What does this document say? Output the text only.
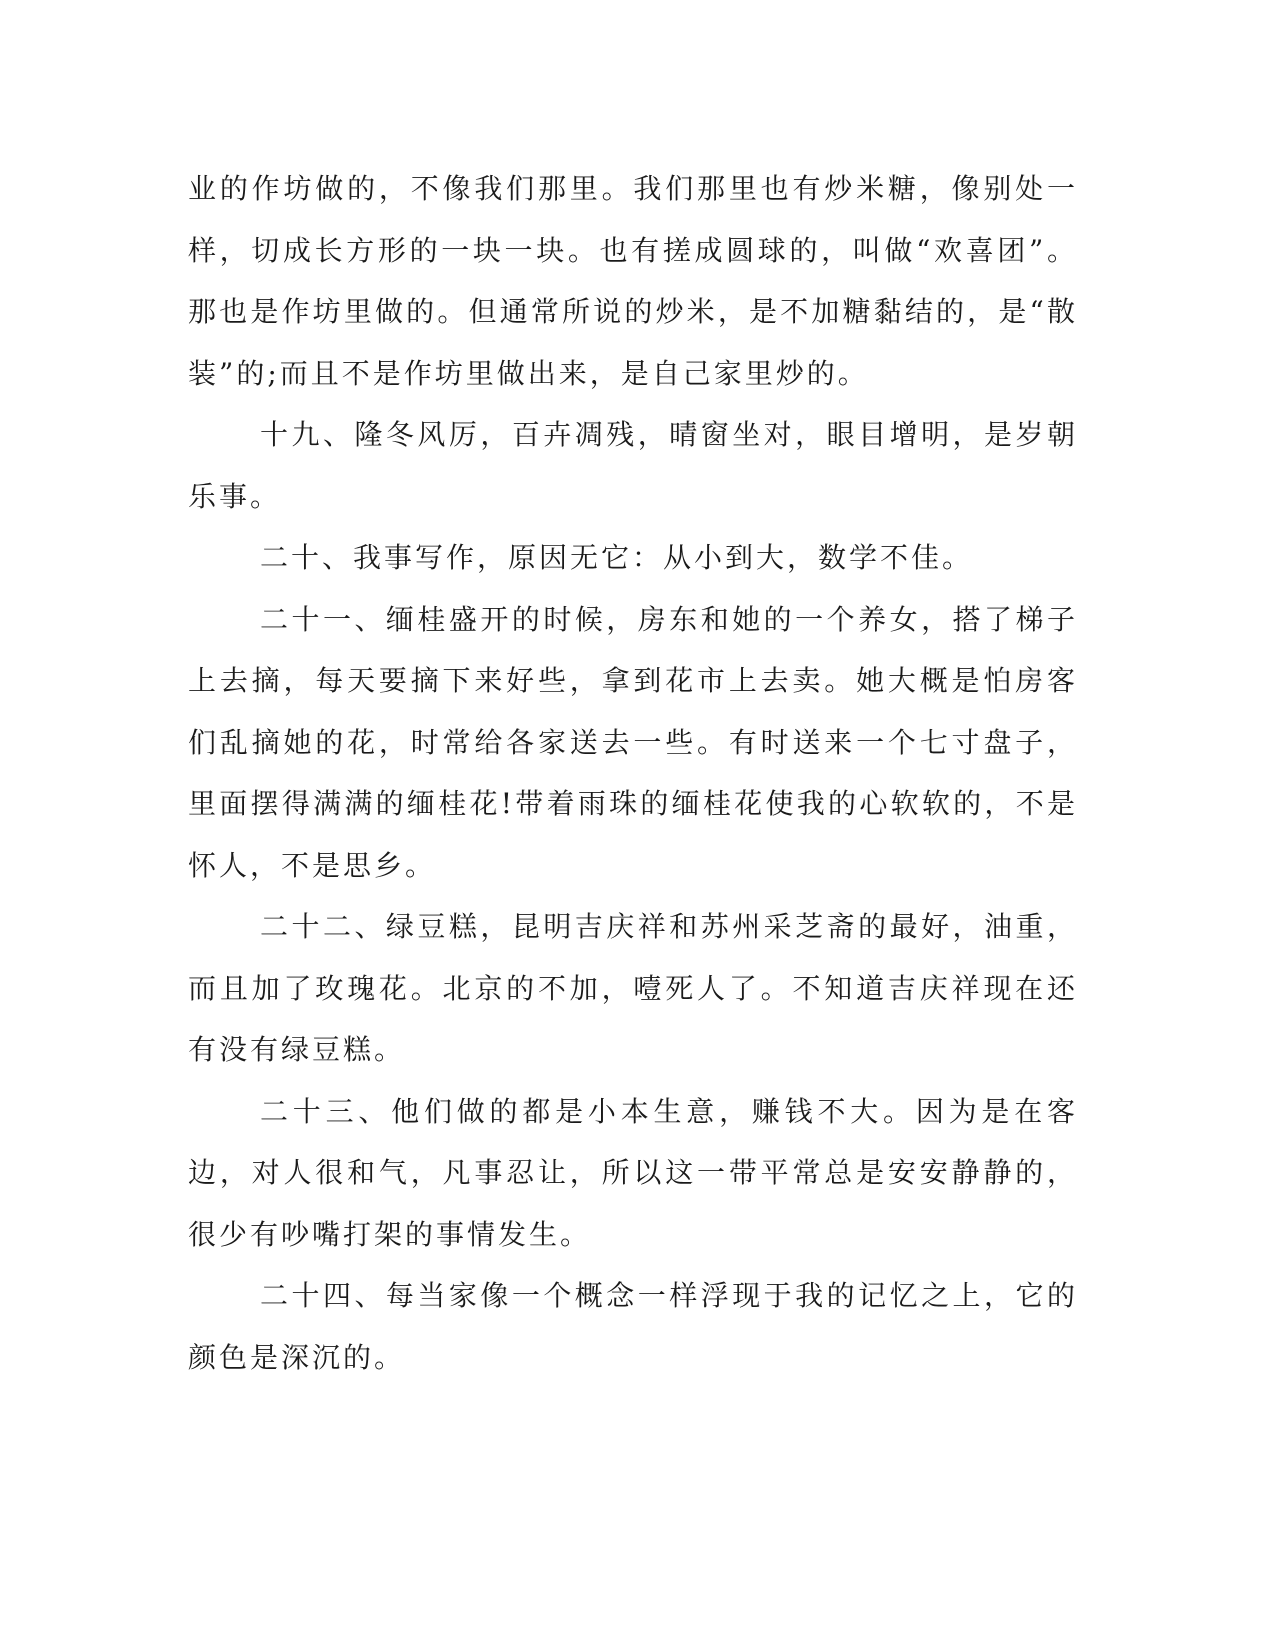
业的作坊做的，不像我们那里。我们那里也有炒米糖，像别处一样，切成长方形的一块一块。也有搓成圆球的，叫做“欢喜团”。那也是作坊里做的。但通常所说的炒米，是不加糖黏结的，是“散装”的;而且不是作坊里做出来，是自己家里炒的。

十九、隆冬风厉，百卉凋残，晴窗坐对，眼目增明，是岁朝乐事。

二十、我事写作，原因无它：从小到大，数学不佳。

二十一、缅桂盛开的时候，房东和她的一个养女，搭了梯子上去摘，每天要摘下来好些，拿到花市上去卖。她大概是怕房客们乱摘她的花，时常给各家送去一些。有时送来一个七寸盘子，里面摆得满满的缅桂花!带着雨珠的缅桂花使我的心软软的，不是怀人，不是思乡。

二十二、绿豆糕，昆明吉庆祥和苏州采芝斋的最好，油重，而且加了玫瑰花。北京的不加，噎死人了。不知道吉庆祥现在还有没有绿豆糕。

二十三、他们做的都是小本生意，赚钱不大。因为是在客边，对人很和气，凡事忍让，所以这一带平常总是安安静静的，很少有吵嘴打架的事情发生。

二十四、每当家像一个概念一样浮现于我的记忆之上，它的颜色是深沉的。
